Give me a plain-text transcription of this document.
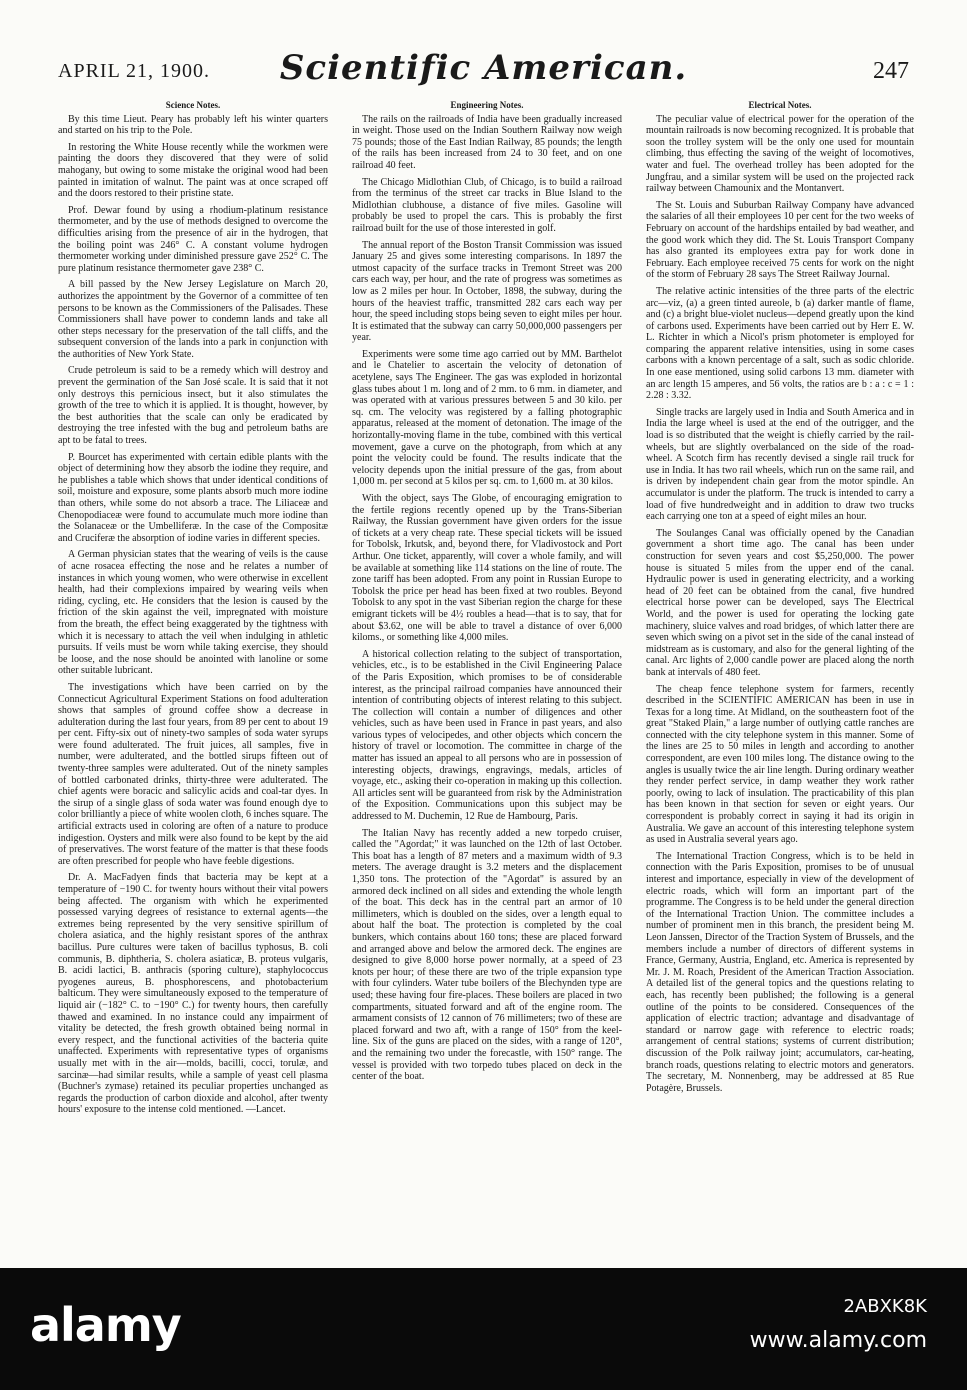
APRIL 21, 1900.	Scientific American.	247
Science Notes.

By this time Lieut. Peary has probably left his winter quarters and started on his trip to the Pole.

In restoring the White House recently while the workmen were painting the doors they discovered that they were of solid mahogany, but owing to some mistake the original wood had been painted in imitation of walnut. The paint was at once scraped off and the doors restored to their pristine state.

Prof. Dewar found by using a rhodium-platinum resistance thermometer, and by the use of methods designed to overcome the difficulties arising from the presence of air in the hydrogen, that the boiling point was 246° C. A constant volume hydrogen thermometer working under diminished pressure gave 252° C. The pure platinum resistance thermometer gave 238° C.

A bill passed by the New Jersey Legislature on March 20, authorizes the appointment by the Governor of a committee of ten persons to be known as the Commissioners of the Palisades. These Commissioners shall have power to condemn lands and take all other steps necessary for the preservation of the tall cliffs, and the subsequent conversion of the lands into a park in conjunction with the authorities of New York State.

Crude petroleum is said to be a remedy which will destroy and prevent the germination of the San José scale. It is said that it not only destroys this pernicious insect, but it also stimulates the growth of the tree to which it is applied. It is thought, however, by the best authorities that the scale can only be eradicated by destroying the tree infested with the bug and petroleum baths are apt to be fatal to trees.

P. Bourcet has experimented with certain edible plants with the object of determining how they absorb the iodine they require, and he publishes a table which shows that under identical conditions of soil, moisture and exposure, some plants absorb much more iodine than others, while some do not absorb a trace. The Liliaceæ and Chenopodiaceæ were found to accumulate much more iodine than the Solanaceæ or the Umbelliferæ. In the case of the Compositæ and Cruciferæ the absorption of iodine varies in different species.

A German physician states that the wearing of veils is the cause of acne rosacea effecting the nose and he relates a number of instances in which young women, who were otherwise in excellent health, had their complexions impaired by wearing veils when riding, cycling, etc. He considers that the lesion is caused by the friction of the skin against the veil, impregnated with moisture from the breath, the effect being exaggerated by the tightness with which it is necessary to attach the veil when indulging in athletic pursuits. If veils must be worn while taking exercise, they should be loose, and the nose should be anointed with lanoline or some other suitable lubricant.

The investigations which have been carried on by the Connecticut Agricultural Experiment Stations on food adulteration shows that samples of ground coffee show a decrease in adulteration during the last four years, from 89 per cent to about 19 per cent. Fifty-six out of ninety-two samples of soda water syrups were found adulterated. The fruit juices, all samples, five in number, were adulterated, and the bottled sirups fifteen out of twenty-three samples were adulterated. Out of the ninety samples of bottled carbonated drinks, thirty-three were adulterated. The chief agents were boracic and salicylic acids and coal-tar dyes. In the sirup of a single glass of soda water was found enough dye to color brilliantly a piece of white woolen cloth, 6 inches square. The artificial extracts used in coloring are often of a nature to produce indigestion. Oysters and milk were also found to be kept by the aid of preservatives. The worst feature of the matter is that these foods are often prescribed for people who have feeble digestions.

Dr. A. MacFadyen finds that bacteria may be kept at a temperature of −190 C. for twenty hours without their vital powers being affected. The organism with which he experimented possessed varying degrees of resistance to external agents—the extremes being represented by the very sensitive spirillum of cholera asiatica, and the highly resistant spores of the anthrax bacillus. Pure cultures were taken of bacillus typhosus, B. coli communis, B. diphtheria, S. cholera asiaticæ, B. proteus vulgaris, B. acidi lactici, B. anthracis (sporing culture), staphylococcus pyogenes aureus, B. phosphorescens, and photobacterium balticum. They were simultaneously exposed to the temperature of liquid air (−182° C. to −190° C.) for twenty hours, then carefully thawed and examined. In no instance could any impairment of vitality be detected, the fresh growth obtained being normal in every respect, and the functional activities of the bacteria quite unaffected. Experiments with representative types of organisms usually met with in the air—molds, bacilli, cocci, torulæ, and sarcinæ—had similar results, while a sample of yeast cell plasma (Buchner's zymase) retained its peculiar properties unchanged as regards the production of carbon dioxide and alcohol, after twenty hours' exposure to the intense cold mentioned. —Lancet.

Engineering Notes.

The rails on the railroads of India have been gradually increased in weight. Those used on the Indian Southern Railway now weigh 75 pounds; those of the East Indian Railway, 85 pounds; the length of the rails has been increased from 24 to 30 feet, and on one railroad 40 feet.

The Chicago Midlothian Club, of Chicago, is to build a railroad from the terminus of the street car tracks in Blue Island to the Midlothian clubhouse, a distance of five miles. Gasoline will probably be used to propel the cars. This is probably the first railroad built for the use of those interested in golf.

The annual report of the Boston Transit Commission was issued January 25 and gives some interesting comparisons. In 1897 the utmost capacity of the surface tracks in Tremont Street was 200 cars each way, per hour, and the rate of progress was sometimes as low as 2 miles per hour. In October, 1898, the subway, during the hours of the heaviest traffic, transmitted 282 cars each way per hour, the speed including stops being seven to eight miles per hour. It is estimated that the subway can carry 50,000,000 passengers per year.

Experiments were some time ago carried out by MM. Barthelot and le Chatelier to ascertain the velocity of detonation of acetylene, says The Engineer. The gas was exploded in horizontal glass tubes about 1 m. long and of 2 mm. to 6 mm. in diameter, and was operated with at various pressures between 5 and 30 kilo. per sq. cm. The velocity was registered by a falling photographic apparatus, released at the moment of detonation. The image of the horizontally-moving flame in the tube, combined with this vertical movement, gave a curve on the photograph, from which at any point the velocity could be found. The results indicate that the velocity depends upon the initial pressure of the gas, from about 1,000 m. per second at 5 kilos per sq. cm. to 1,600 m. at 30 kilos.

With the object, says The Globe, of encouraging emigration to the fertile regions recently opened up by the Trans-Siberian Railway, the Russian government have given orders for the issue of tickets at a very cheap rate. These special tickets will be issued for Tobolsk, Irkutsk, and, beyond there, for Vladivostock and Port Arthur. One ticket, apparently, will cover a whole family, and will be available at something like 114 stations on the line of route. The zone tariff has been adopted. From any point in Russian Europe to Tobolsk the price per head has been fixed at two roubles. Beyond Tobolsk to any spot in the vast Siberian region the charge for these emigrant tickets will be 4½ roubles a head—that is to say, that for about $3.62, one will be able to travel a distance of over 6,000 kiloms., or something like 4,000 miles.

A historical collection relating to the subject of transportation, vehicles, etc., is to be established in the Civil Engineering Palace of the Paris Exposition, which promises to be of considerable interest, as the principal railroad companies have announced their intention of contributing objects of interest relating to this subject. The collection will contain a number of diligences and other vehicles, such as have been used in France in past years, and also various types of velocipedes, and other objects which concern the history of travel or locomotion. The committee in charge of the matter has issued an appeal to all persons who are in possession of interesting objects, drawings, engravings, medals, articles of voyage, etc., asking their co-operation in making up this collection. All articles sent will be guaranteed from risk by the Administration of the Exposition. Communications upon this subject may be addressed to M. Duchemin, 12 Rue de Hambourg, Paris.

The Italian Navy has recently added a new torpedo cruiser, called the "Agordat;" it was launched on the 12th of last October. This boat has a length of 87 meters and a maximum width of 9.3 meters. The average draught is 3.2 meters and the displacement 1,350 tons. The protection of the "Agordat" is assured by an armored deck inclined on all sides and extending the whole length of the boat. This deck has in the central part an armor of 10 millimeters, which is doubled on the sides, over a length equal to about half the boat. The protection is completed by the coal bunkers, which contains about 160 tons; these are placed forward and arranged above and below the armored deck. The engines are designed to give 8,000 horse power normally, at a speed of 23 knots per hour; of these there are two of the triple expansion type with four cylinders. Water tube boilers of the Blechynden type are used; these having four fire-places. These boilers are placed in two compartments, situated forward and aft of the engine room. The armament consists of 12 cannon of 76 millimeters; two of these are placed forward and two aft, with a range of 150° from the keel-line. Six of the guns are placed on the sides, with a range of 120°, and the remaining two under the forecastle, with 150° range. The vessel is provided with two torpedo tubes placed on deck in the center of the boat.

Electrical Notes.

The peculiar value of electrical power for the operation of the mountain railroads is now becoming recognized. It is probable that soon the trolley system will be the only one used for mountain climbing, thus effecting the saving of the weight of locomotives, water and fuel. The overhead trolley has been adopted for the Jungfrau, and a similar system will be used on the projected rack railway between Chamounix and the Montanvert.

The St. Louis and Suburban Railway Company have advanced the salaries of all their employees 10 per cent for the two weeks of February on account of the hardships entailed by bad weather, and the good work which they did. The St. Louis Transport Company has also granted its employees extra pay for work done in February. Each employee received 75 cents for work on the night of the storm of February 28 says The Street Railway Journal.

The relative actinic intensities of the three parts of the electric arc—viz, (a) a green tinted aureole, b (a) darker mantle of flame, and (c) a bright blue-violet nucleus—depend greatly upon the kind of carbons used. Experiments have been carried out by Herr E. W. L. Richter in which a Nicol's prism photometer is employed for comparing the apparent relative intensities, using in some cases carbons with a known percentage of a salt, such as sodic chloride. In one ease mentioned, using solid carbons 13 mm. diameter with an arc length 15 amperes, and 56 volts, the ratios are b : a : c = 1 : 2.28 : 3.32.

Single tracks are largely used in India and South America and in India the large wheel is used at the end of the outrigger, and the load is so distributed that the weight is chiefly carried by the rail-wheels, but are slightly overbalanced on the side of the road-wheel. A Scotch firm has recently devised a single rail truck for use in India. It has two rail wheels, which run on the same rail, and is driven by independent chain gear from the motor spindle. An accumulator is under the platform. The truck is intended to carry a load of five hundredweight and in addition to draw two trucks each carrying one ton at a speed of eight miles an hour.

The Soulanges Canal was officially opened by the Canadian government a short time ago. The canal has been under construction for seven years and cost $5,250,000. The power house is situated 5 miles from the upper end of the canal. Hydraulic power is used in generating electricity, and a working head of 20 feet can be obtained from the canal, five hundred electrical horse power can be developed, says The Electrical World, and the power is used for operating the locking gate machinery, sluice valves and road bridges, of which latter there are seven which swing on a pivot set in the side of the canal instead of midstream as is customary, and also for the general lighting of the canal. Arc lights of 2,000 candle power are placed along the north bank at intervals of 480 feet.

The cheap fence telephone system for farmers, recently described in the SCIENTIFIC AMERICAN has been in use in Texas for a long time. At Midland, on the southeastern foot of the great "Staked Plain," a large number of outlying cattle ranches are connected with the city telephone system in this manner. Some of the lines are 25 to 50 miles in length and according to another correspondent, are even 100 miles long. The distance owing to the angles is usually twice the air line length. During ordinary weather they render perfect service, in damp weather they work rather poorly, owing to lack of insulation. The practicability of this plan has been known in that section for seven or eight years. Our correspondent is probably correct in saying it had its origin in Australia. We gave an account of this interesting telephone system as used in Australia several years ago.

The International Traction Congress, which is to be held in connection with the Paris Exposition, promises to be of unusual interest and importance, especially in view of the development of electric roads, which will form an important part of the programme. The Congress is to be held under the general direction of the International Traction Union. The committee includes a number of prominent men in this branch, the president being M. Leon Janssen, Director of the Traction System of Brussels, and the members include a number of directors of different systems in France, Germany, Austria, England, etc. America is represented by Mr. J. M. Roach, President of the American Traction Association. A detailed list of the general topics and the questions relating to each, has recently been published; the following is a general outline of the points to be considered. Consequences of the application of electric traction; advantage and disadvantage of standard or narrow gage with reference to electric roads; arrangement of central stations; systems of current distribution; discussion of the Polk railway joint; accumulators, car-heating, branch roads, questions relating to electric motors and generators. The secretary, M. Nonnenberg, may be addressed at 85 Rue Potagère, Brussels.

alamy	2ABXK8K
www.alamy.com
